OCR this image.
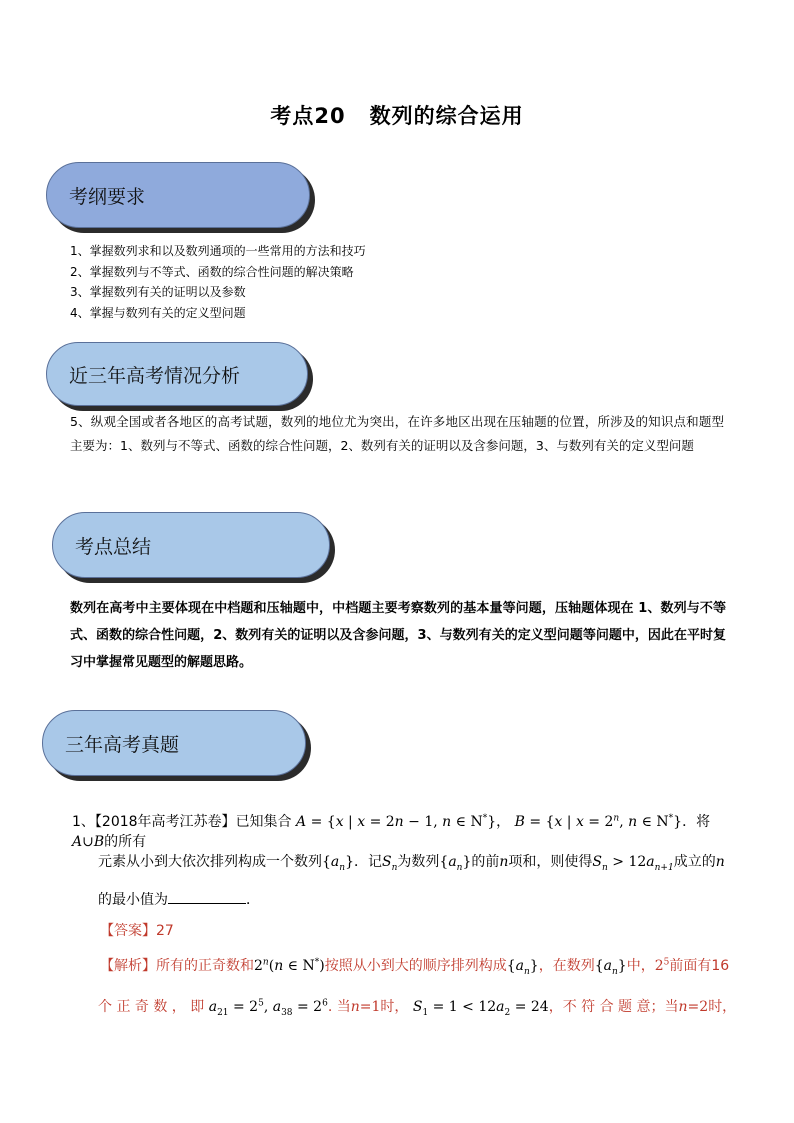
考点20 数列的综合运用
考纲要求
1、掌握数列求和以及数列通项的一些常用的方法和技巧
2、掌握数列与不等式、函数的综合性问题的解决策略
3、掌握数列有关的证明以及参数
4、掌握与数列有关的定义型问题
近三年高考情况分析
5、纵观全国或者各地区的高考试题，数列的地位尤为突出，在许多地区出现在压轴题的位置，所涉及的知识点和题型主要为：1、数列与不等式、函数的综合性问题，2、数列有关的证明以及含参问题，3、与数列有关的定义型问题
考点总结
数列在高考中主要体现在中档题和压轴题中，中档题主要考察数列的基本量等问题，压轴题体现在 1、数列与不等式、函数的综合性问题，2、数列有关的证明以及含参问题，3、与数列有关的定义型问题等问题中，因此在平时复习中掌握常见题型的解题思路。
三年高考真题
1、【2018年高考江苏卷】已知集合 A = {x | x = 2n − 1, n ∈ N*}， B = {x | $x = 2^n$, n ∈ N*}．将A∪B的所有
元素从小到大依次排列构成一个数列$\{a_n\}$．记$S_n$为数列$\{a_n\}$的前n项和，则使得$S_n > 12a_{n+1}$成立的n
的最小值为	．
【答案】27
【解析】所有的正奇数和2$^n$(n ∈ N*)按照从小到大的顺序排列构成$\{a_n\}$，在数列$\{a_n\}$中，$2^5$前面有16
个 正 奇 数 ， 即 $a_{21} = 2^5$, $a_{38} = 2^6$. 当n=1时， $S_1 = 1 < 12a_2 = 24$，不 符 合 题 意；当n=2时，
